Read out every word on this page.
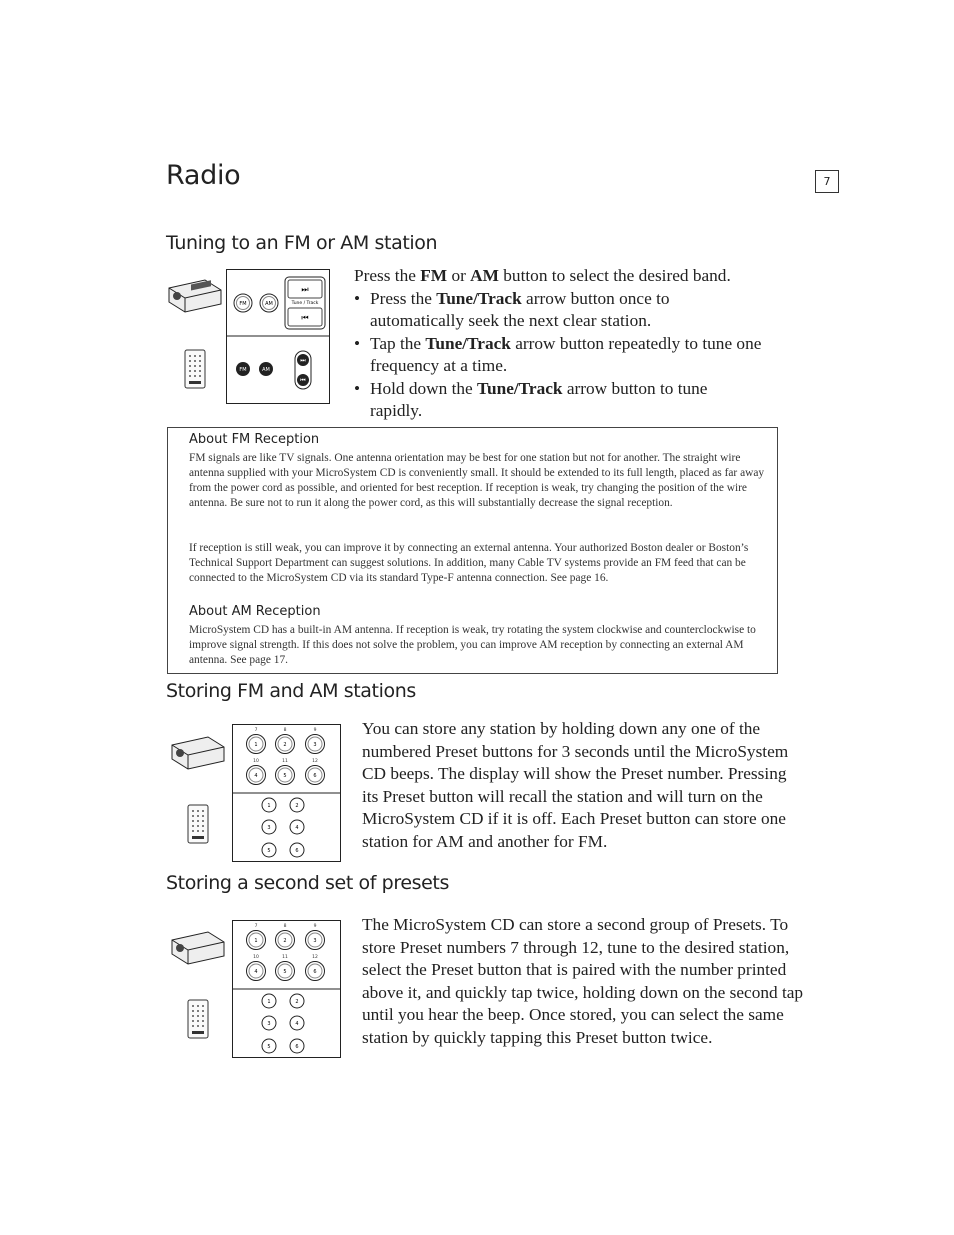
Radio	7
Tuning to an FM or AM station
FM	AM	Tune / Track
⏭
⏮
FM	AM
⏭
⏮
Press the FM or AM button to select the desired band.
• Press the Tune/Track arrow button once to automatically seek the next clear station.
• Tap the Tune/Track arrow button repeatedly to tune one frequency at a time.
• Hold down the Tune/Track arrow button to tune rapidly.
About FM Reception

FM signals are like TV signals. One antenna orientation may be best for one station but not for another. The straight wire antenna supplied with your MicroSystem CD is conveniently small. It should be extended to its full length, placed as far away from the power cord as possible, and oriented for best reception. If reception is weak, try changing the position of the wire antenna. Be sure not to run it along the power cord, as this will substantially decrease the signal reception.

If reception is still weak, you can improve it by connecting an external antenna. Your authorized Boston dealer or Boston’s Technical Support Department can suggest solutions. In addition, many Cable TV systems provide an FM feed that can be connected to the MicroSystem CD via its standard Type-F antenna connection. See page 16.

About AM Reception

MicroSystem CD has a built-in AM antenna. If reception is weak, try rotating the system clockwise and counterclockwise to improve signal strength. If this does not solve the problem, you can improve AM reception by connecting an external AM antenna. See page 17.

Storing FM and AM stations
7	8	9
1	2	3
10	11	12
4	5	6
1	2
3	4
5	6
You can store any station by holding down any one of the numbered Preset buttons for 3 seconds until the MicroSystem CD beeps. The display will show the Preset number. Pressing its Preset button will recall the station and will turn on the MicroSystem CD if it is off. Each Preset button can store one station for AM and another for FM.
Storing a second set of presets
7	8	9
1	2	3
10	11	12
4	5	6
1	2
3	4
5	6
The MicroSystem CD can store a second group of Presets. To store Preset numbers 7 through 12, tune to the desired station, select the Preset button that is paired with the number printed above it, and quickly tap twice, holding down on the second tap until you hear the beep. Once stored, you can select the same station by quickly tapping this Preset button twice.
